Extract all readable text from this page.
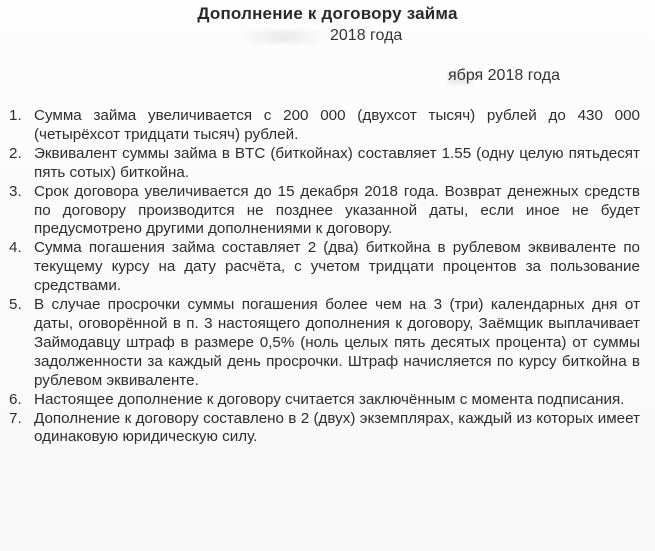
Дополнение к договору займа
2018 года
ября 2018 года
1. Сумма займа увеличивается с 200 000 (двухсот тысяч) рублей до 430 000 (четырёхсот тридцати тысяч) рублей.
2. Эквивалент суммы займа в BTC (биткойнах) составляет 1.55 (одну целую пятьдесят пять сотых) биткойна.
3. Срок договора увеличивается до 15 декабря 2018 года. Возврат денежных средств по договору производится не позднее указанной даты, если иное не будет предусмотрено другими дополнениями к договору.
4. Сумма погашения займа составляет 2 (два) биткойна в рублевом эквиваленте по текущему курсу на дату расчёта, с учетом тридцати процентов за пользование средствами.
5. В случае просрочки суммы погашения более чем на 3 (три) календарных дня от даты, оговорённой в п. 3 настоящего дополнения к договору, Заёмщик выплачивает Займодавцу штраф в размере 0,5% (ноль целых пять десятых процента) от суммы задолженности за каждый день просрочки. Штраф начисляется по курсу биткойна в рублевом эквиваленте.
6. Настоящее дополнение к договору считается заключённым с момента подписания.
7. Дополнение к договору составлено в 2 (двух) экземплярах, каждый из которых имеет одинаковую юридическую силу.
